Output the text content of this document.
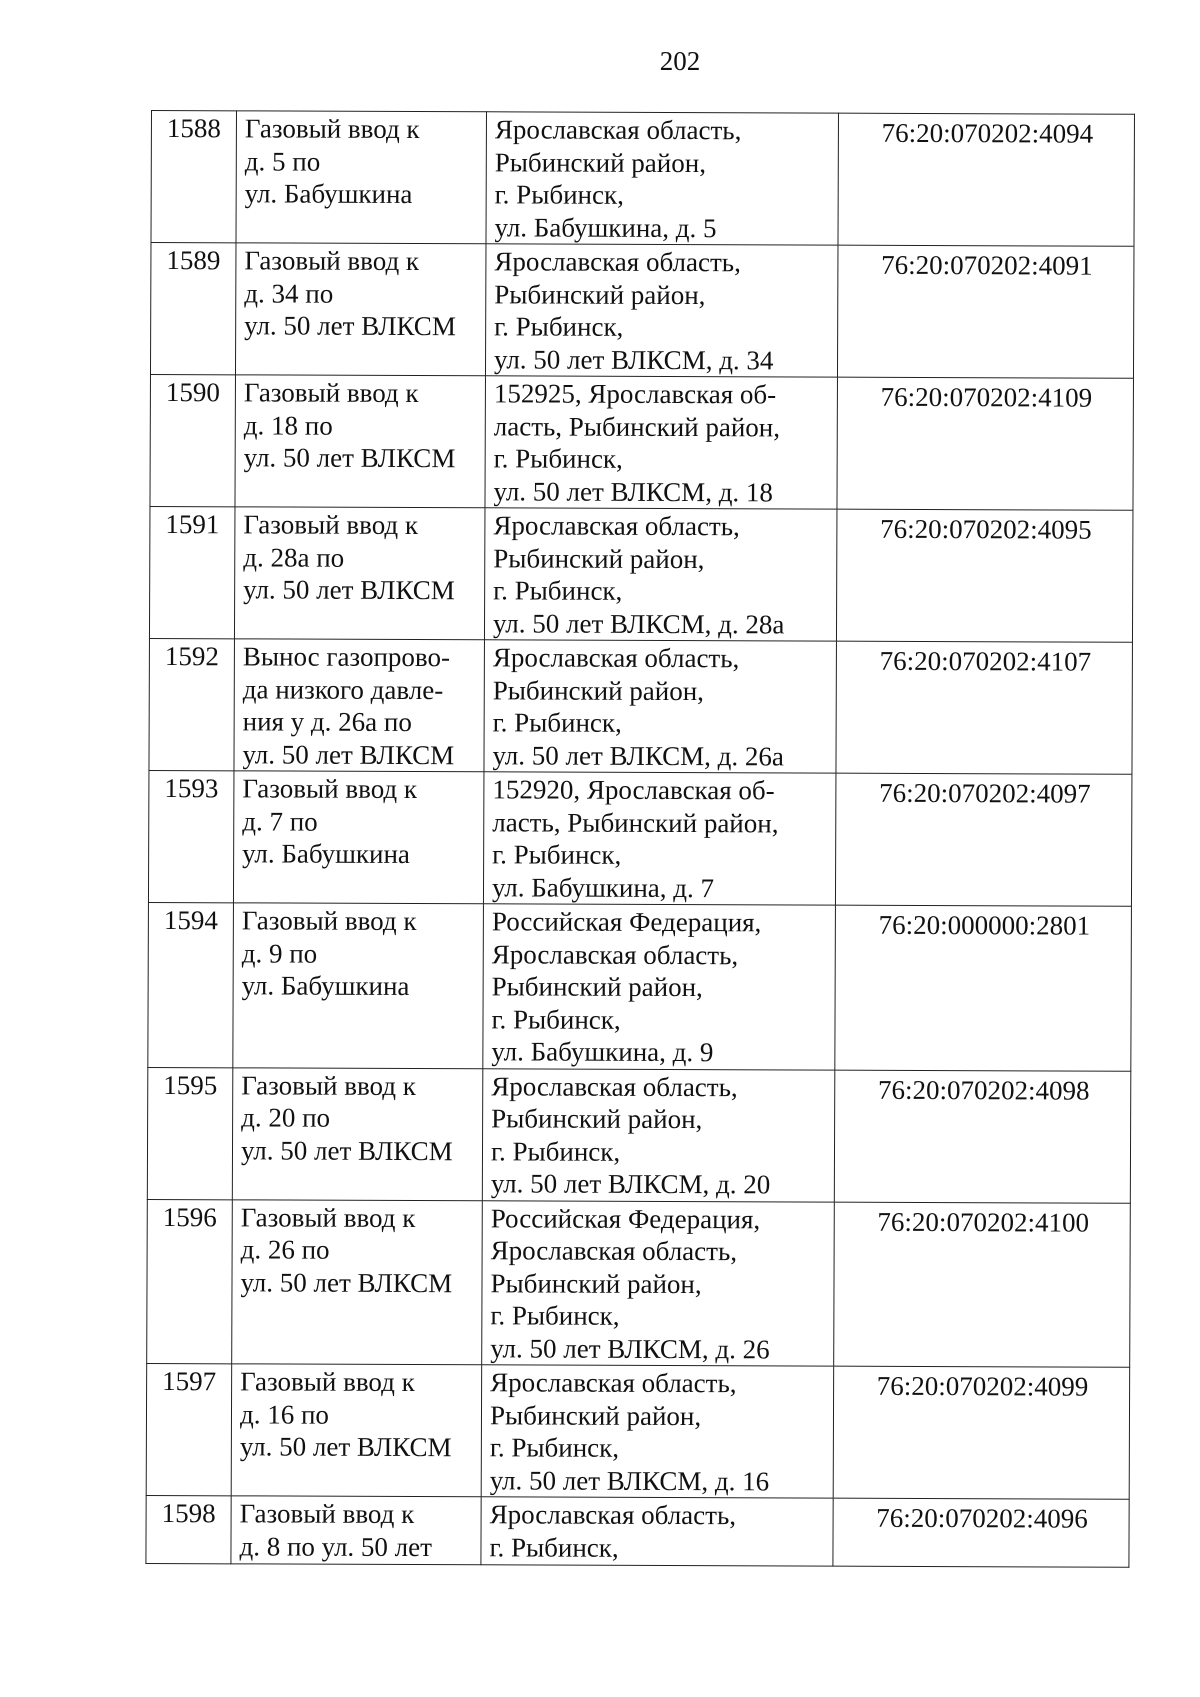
202
1588	Газовый ввод к
д. 5 по
ул. Бабушкина	Ярославская область,
Рыбинский район,
г. Рыбинск,
ул. Бабушкина, д. 5	76:20:070202:4094
1589	Газовый ввод к
д. 34 по
ул. 50 лет ВЛКСМ	Ярославская область,
Рыбинский район,
г. Рыбинск,
ул. 50 лет ВЛКСМ, д. 34	76:20:070202:4091
1590	Газовый ввод к
д. 18 по
ул. 50 лет ВЛКСМ	152925, Ярославская об-
ласть, Рыбинский район,
г. Рыбинск,
ул. 50 лет ВЛКСМ, д. 18	76:20:070202:4109
1591	Газовый ввод к
д. 28а по
ул. 50 лет ВЛКСМ	Ярославская область,
Рыбинский район,
г. Рыбинск,
ул. 50 лет ВЛКСМ, д. 28а	76:20:070202:4095
1592	Вынос газопрово-
да низкого давле-
ния у д. 26а по
ул. 50 лет ВЛКСМ	Ярославская область,
Рыбинский район,
г. Рыбинск,
ул. 50 лет ВЛКСМ, д. 26а	76:20:070202:4107
1593	Газовый ввод к
д. 7 по
ул. Бабушкина	152920, Ярославская об-
ласть, Рыбинский район,
г. Рыбинск,
ул. Бабушкина, д. 7	76:20:070202:4097
1594	Газовый ввод к
д. 9 по
ул. Бабушкина	Российская Федерация,
Ярославская область,
Рыбинский район,
г. Рыбинск,
ул. Бабушкина, д. 9	76:20:000000:2801
1595	Газовый ввод к
д. 20 по
ул. 50 лет ВЛКСМ	Ярославская область,
Рыбинский район,
г. Рыбинск,
ул. 50 лет ВЛКСМ, д. 20	76:20:070202:4098
1596	Газовый ввод к
д. 26 по
ул. 50 лет ВЛКСМ	Российская Федерация,
Ярославская область,
Рыбинский район,
г. Рыбинск,
ул. 50 лет ВЛКСМ, д. 26	76:20:070202:4100
1597	Газовый ввод к
д. 16 по
ул. 50 лет ВЛКСМ	Ярославская область,
Рыбинский район,
г. Рыбинск,
ул. 50 лет ВЛКСМ, д. 16	76:20:070202:4099
1598	Газовый ввод к
д. 8 по ул. 50 лет	Ярославская область,
г. Рыбинск,	76:20:070202:4096
